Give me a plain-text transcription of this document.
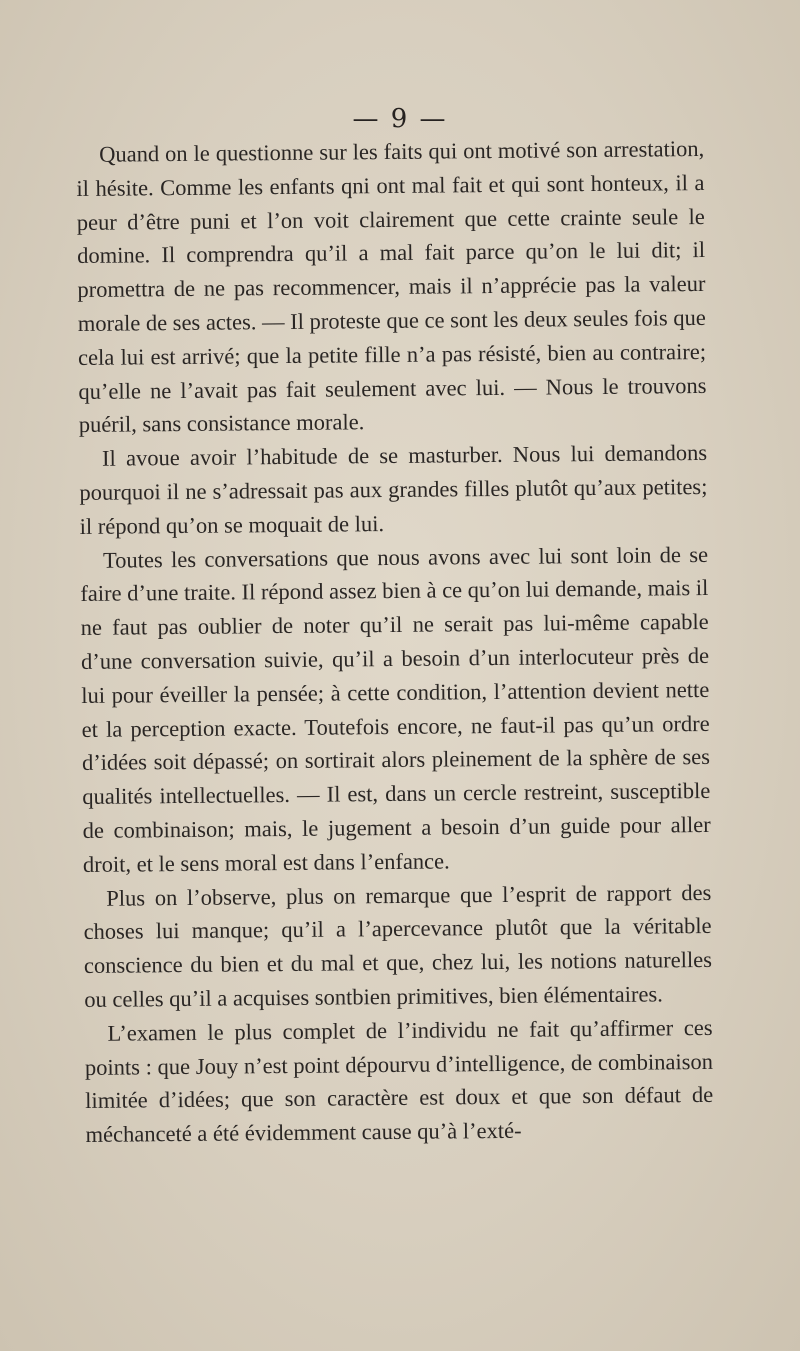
— 9 —

Quand on le questionne sur les faits qui ont motivé son arrestation, il hésite. Comme les enfants qni ont mal fait et qui sont honteux, il a peur d’être puni et l’on voit clairement que cette crainte seule le domine. Il comprendra qu’il a mal fait parce qu’on le lui dit; il promettra de ne pas recommencer, mais il n’apprécie pas la valeur morale de ses actes. — Il proteste que ce sont les deux seules fois que cela lui est arrivé; que la petite fille n’a pas résisté, bien au contraire; qu’elle ne l’avait pas fait seulement avec lui. — Nous le trouvons puéril, sans consistance morale.

Il avoue avoir l’habitude de se masturber. Nous lui demandons pourquoi il ne s’adressait pas aux grandes filles plutôt qu’aux petites; il répond qu’on se moquait de lui.

Toutes les conversations que nous avons avec lui sont loin de se faire d’une traite. Il répond assez bien à ce qu’on lui demande, mais il ne faut pas oublier de noter qu’il ne serait pas lui-même capable d’une conversation suivie, qu’il a besoin d’un interlocuteur près de lui pour éveiller la pensée; à cette condition, l’attention devient nette et la perception exacte. Toutefois encore, ne faut-il pas qu’un ordre d’idées soit dépassé; on sortirait alors pleinement de la sphère de ses qualités intellectuelles. — Il est, dans un cercle restreint, susceptible de combinaison; mais, le jugement a besoin d’un guide pour aller droit, et le sens moral est dans l’enfance.

Plus on l’observe, plus on remarque que l’esprit de rapport des choses lui manque; qu’il a l’apercevance plutôt que la véritable conscience du bien et du mal et que, chez lui, les notions naturelles ou celles qu’il a acquises sontbien primitives, bien élémentaires.

L’examen le plus complet de l’individu ne fait qu’affirmer ces points : que Jouy n’est point dépourvu d’intelligence, de combinaison limitée d’idées; que son caractère est doux et que son défaut de méchanceté a été évidemment cause qu’à l’exté-
